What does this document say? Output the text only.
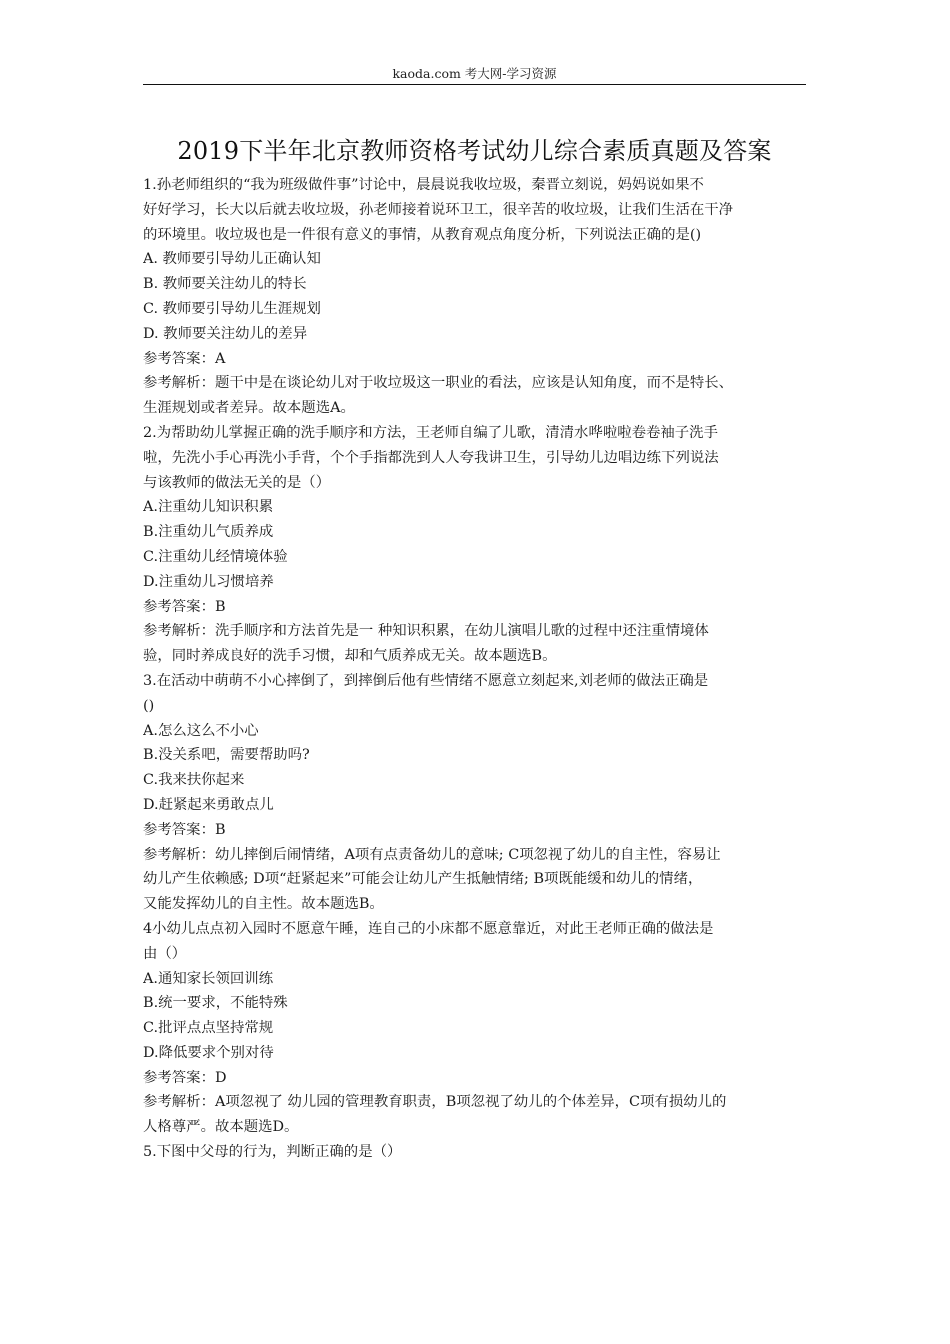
kaoda.com 考大网-学习资源
2019下半年北京教师资格考试幼儿综合素质真题及答案
1.孙老师组织的“我为班级做件事”讨论中，晨晨说我收垃圾，秦晋立刻说，妈妈说如果不
好好学习，长大以后就去收垃圾，孙老师接着说环卫工，很辛苦的收垃圾，让我们生活在干净
的环境里。收垃圾也是一件很有意义的事情，从教育观点角度分析，下列说法正确的是()
A. 教师要引导幼儿正确认知
B. 教师要关注幼儿的特长
C. 教师要引导幼儿生涯规划
D. 教师要关注幼儿的差异
参考答案：A
参考解析：题干中是在谈论幼儿对于收垃圾这一职业的看法，应该是认知角度，而不是特长、
生涯规划或者差异。故本题选A。
2.为帮助幼儿掌握正确的洗手顺序和方法，王老师自编了儿歌，清清水哗啦啦卷卷袖子洗手
啦，先洗小手心再洗小手背，个个手指都洗到人人夸我讲卫生，引导幼儿边唱边练下列说法
与该教师的做法无关的是（）
A.注重幼儿知识积累
B.注重幼儿气质养成
C.注重幼儿经情境体验
D.注重幼儿习惯培养
参考答案：B
参考解析：洗手顺序和方法首先是一 种知识积累，在幼儿演唱儿歌的过程中还注重情境体
验，同时养成良好的洗手习惯，却和气质养成无关。故本题选B。
3.在活动中萌萌不小心摔倒了，到摔倒后他有些情绪不愿意立刻起来,刘老师的做法正确是
()
A.怎么这么不小心
B.没关系吧，需要帮助吗?
C.我来扶你起来
D.赶紧起来勇敢点儿
参考答案：B
参考解析：幼儿摔倒后闹情绪，A项有点责备幼儿的意味; C项忽视了幼儿的自主性，容易让
幼儿产生依赖感; D项“赶紧起来”可能会让幼儿产生抵触情绪; B项既能缓和幼儿的情绪，
又能发挥幼儿的自主性。故本题选B。
4小幼儿点点初入园时不愿意午睡，连自己的小床都不愿意靠近，对此王老师正确的做法是
由（）
A.通知家长领回训练
B.统一要求，不能特殊
C.批评点点坚持常规
D.降低要求个别对待
参考答案：D
参考解析：A项忽视了 幼儿园的管理教育职责，B项忽视了幼儿的个体差异，C项有损幼儿的
人格尊严。故本题选D。
5.下图中父母的行为，判断正确的是（）
